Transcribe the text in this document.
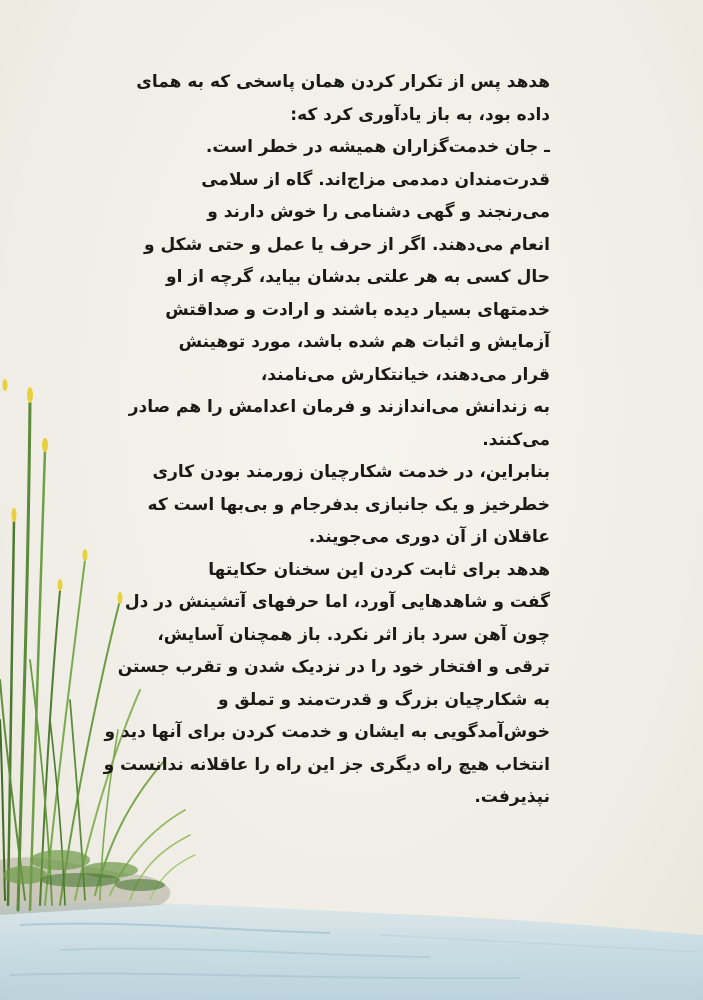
هدهد پس از تکرار کردن همان پاسخی که به همای
داده بود، به باز یادآوری کرد که:

ـ جان خدمت‌گزاران همیشه در خطر است.
قدرت‌مندان دمدمی مزاج‌اند. گاه از سلامی
می‌رنجند و گهی دشنامی را خوش دارند و
انعام می‌دهند. اگر از حرف یا عمل و حتی شکل و
حال کسی به هر علتی بدشان بیاید، گرچه از او
خدمتهای بسیار دیده باشند و ارادت و صداقتش
آزمایش و اثبات هم شده باشد، مورد توهینش
قرار می‌دهند، خیانتکارش می‌نامند،
به زندانش می‌اندازند و فرمان اعدامش را هم صادر
می‌کنند.

بنابراین، در خدمت شکارچیان زورمند بودن کاری
خطرخیز و یک جانبازی بدفرجام و بی‌بها است که
عاقلان از آن دوری می‌جویند.

هدهد برای ثابت کردن این سخنان حکایتها
گفت و شاهدهایی آورد، اما حرفهای آتشینش در دل
چون آهن سرد باز اثر نکرد. باز همچنان آسایش،
ترقی و افتخار خود را در نزدیک شدن و تقرب جستن
به شکارچیان بزرگ و قدرت‌مند و تملق و
خوش‌آمدگویی به ایشان و خدمت کردن برای آنها دید و
انتخاب هیچ راه دیگری جز این راه را عاقلانه ندانست و
نپذیرفت.
